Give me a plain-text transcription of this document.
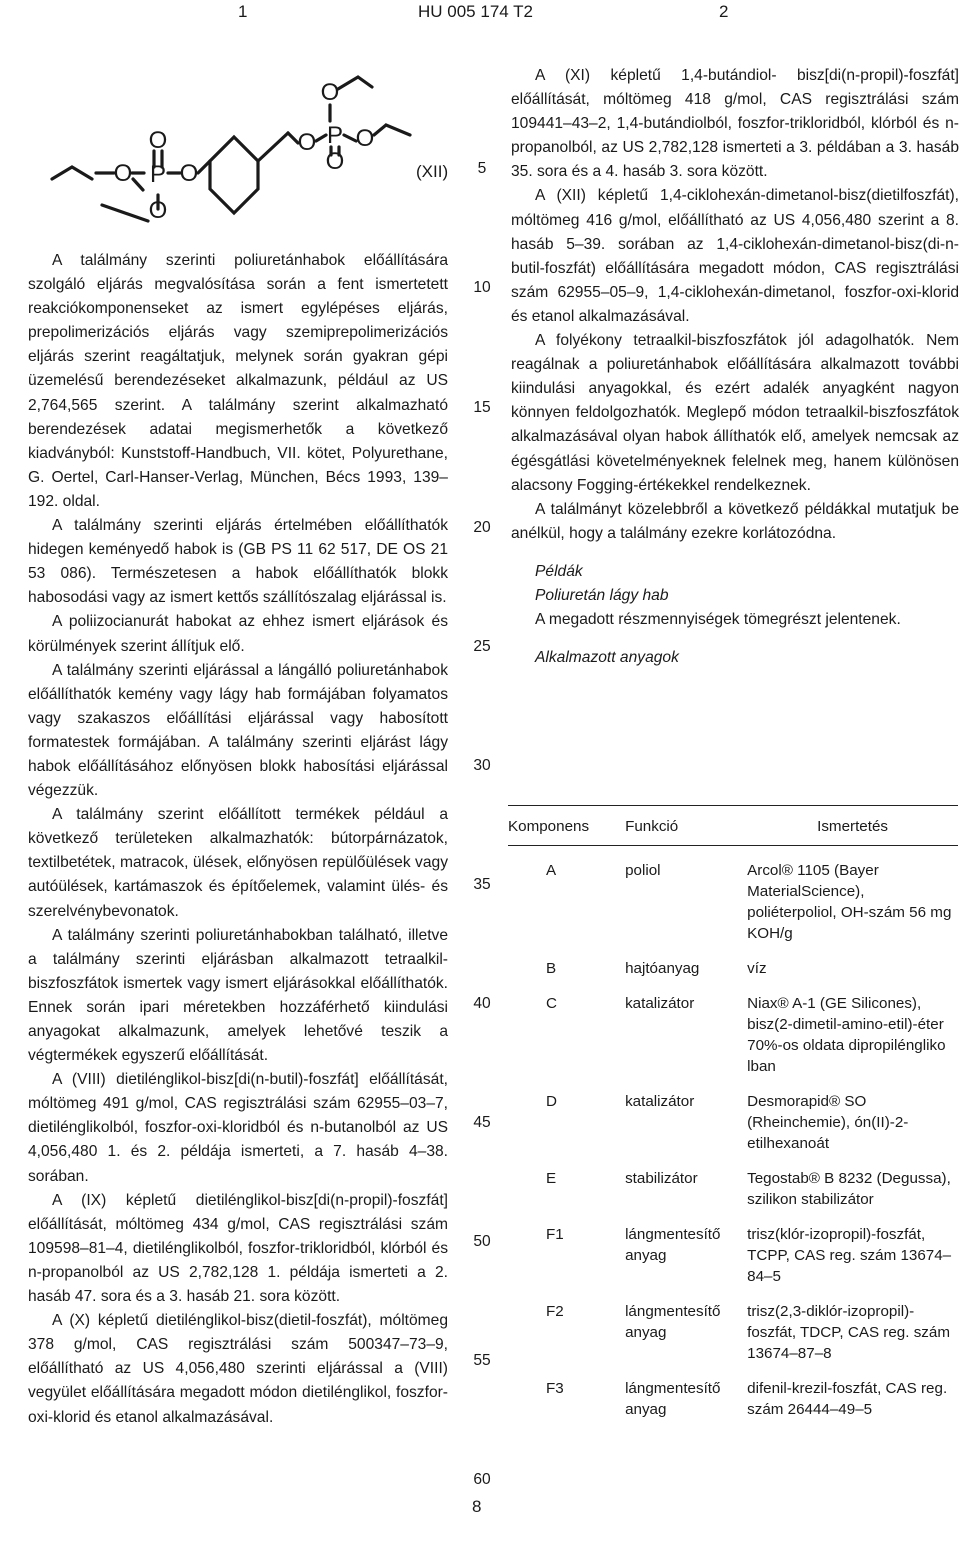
1	HU 005 174 T2	2
O P O
O
O
O P O
O
O	(XII)

A találmány szerinti poliuretánhabok előállítására szolgáló eljárás megvalósítása során a fent ismertetett reakciókomponenseket az ismert egylépéses eljárás, prepolimerizációs eljárás vagy szemiprepolimerizációs eljárás szerint reagáltatjuk, melynek során gyakran gépi üzemelésű berendezéseket alkalmazunk, például az US 2,764,565 szerint. A találmány szerint alkalmazható berendezések adatai megismerhetők a következő kiadványból: Kunststoff-Handbuch, VII. kötet, Polyurethane, G. Oertel, Carl-Hanser-Verlag, München, Bécs 1993, 139–192. oldal.

A találmány szerinti eljárás értelmében előállíthatók hidegen keményedő habok is (GB PS 11 62 517, DE OS 21 53 086). Természetesen a habok előállíthatók blokk habosodási vagy az ismert kettős szállítószalag eljárással is.

A poliizocianurát habokat az ehhez ismert eljárások és körülmények szerint állítjuk elő.

A találmány szerinti eljárással a lángálló poliuretánhabok előállíthatók kemény vagy lágy hab formájában folyamatos vagy szakaszos előállítási eljárással vagy habosított formatestek formájában. A találmány szerinti eljárást lágy habok előállításához előnyösen blokk habosítási eljárással végezzük.

A találmány szerint előállított termékek például a következő területeken alkalmazhatók: bútorpárnázatok, textilbetétek, matracok, ülések, előnyösen repülőülések vagy autóülések, kartámaszok és építőelemek, valamint ülés- és szerelvénybevonatok.

A találmány szerinti poliuretánhabokban található, illetve a találmány szerinti eljárásban alkalmazott tetraalkil-biszfoszfátok ismertek vagy ismert eljárásokkal előállíthatók. Ennek során ipari méretekben hozzáférhető kiindulási anyagokat alkalmazunk, amelyek lehetővé teszik a végtermékek egyszerű előállítását.

A (VIII) dietilénglikol-bisz[di(n-butil)-foszfát] előállítását, móltömeg 491 g/mol, CAS regisztrálási szám 62955–03–7, dietilénglikolból, foszfor-oxi-kloridból és n-butanolból az US 4,056,480 1. és 2. példája ismerteti, a 7. hasáb 4–38. sorában.

A (IX) képletű dietilénglikol-bisz[di(n-propil)-foszfát] előállítását, móltömeg 434 g/mol, CAS regisztrálási szám 109598–81–4, dietilénglikolból, foszfor-trikloridból, klórból és n-propanolból az US 2,782,128 1. példája ismerteti a 2. hasáb 47. sora és a 3. hasáb 21. sora között.

A (X) képletű dietilénglikol-bisz(dietil-foszfát), móltömeg 378 g/mol, CAS regisztrálási szám 500347–73–9, előállítható az US 4,056,480 szerinti eljárással a (VIII) vegyület előállítására megadott módon dietilénglikol, foszfor-oxi-klorid és etanol alkalmazásával.

5
10
15
20
25
30
35
40
45
50
55
60

A (XI) képletű 1,4-butándiol- bisz[di(n-propil)-foszfát] előállítását, móltömeg 418 g/mol, CAS regisztrálási szám 109441–43–2, 1,4-butándiolból, foszfor-trikloridból, klórból és n-propanolból, az US 2,782,128 ismerteti a 3. példában a 3. hasáb 35. sora és a 4. hasáb 3. sora között.

A (XII) képletű 1,4-ciklohexán-dimetanol-bisz(dietilfoszfát), móltömeg 416 g/mol, előállítható az US 4,056,480 szerint a 8. hasáb 5–39. sorában az 1,4-ciklohexán-dimetanol-bisz(di-n-butil-foszfát) előállítására megadott módon, CAS regisztrálási szám 62955–05–9, 1,4-ciklohexán-dimetanol, foszfor-oxi-klorid és etanol alkalmazásával.

A folyékony tetraalkil-biszfoszfátok jól adagolhatók. Nem reagálnak a poliuretánhabok előállítására alkalmazott további kiindulási anyagokkal, és ezért adalék anyagként nagyon könnyen feldolgozhatók. Meglepő módon tetraalkil-biszfoszfátok alkalmazásával olyan habok állíthatók elő, amelyek nemcsak az égésgátlási követelményeknek felelnek meg, hanem különösen alacsony Fogging-értékekkel rendelkeznek.

A találmányt közelebbről a következő példákkal mutatjuk be anélkül, hogy a találmány ezekre korlátozódna.

Példák

Poliuretán lágy hab

A megadott részmennyiségek tömegrészt jelentenek.

Alkalmazott anyagok

Komponens	Funkció	Ismertetés
A	poliol	Arcol® 1105 (Bayer MaterialScience), poliéterpoliol, OH-szám 56 mg KOH/g
B	hajtóanyag	víz
C	katalizátor	Niax® A-1 (GE Silicones), bisz(2-dimetil-amino-etil)-éter 70%-os oldata dipropiléngliko lban
D	katalizátor	Desmorapid® SO (Rheinchemie), ón(II)-2-etilhexanoát
E	stabilizátor	Tegostab® B 8232 (Degussa), szilikon stabilizátor
F1	lángmentesítő anyag	trisz(klór-izopropil)-foszfát, TCPP, CAS reg. szám 13674–84–5
F2	lángmentesítő anyag	trisz(2,3-diklór-izopropil)-foszfát, TDCP, CAS reg. szám 13674–87–8
F3	lángmentesítő anyag	difenil-krezil-foszfát, CAS reg. szám 26444–49–5
8
